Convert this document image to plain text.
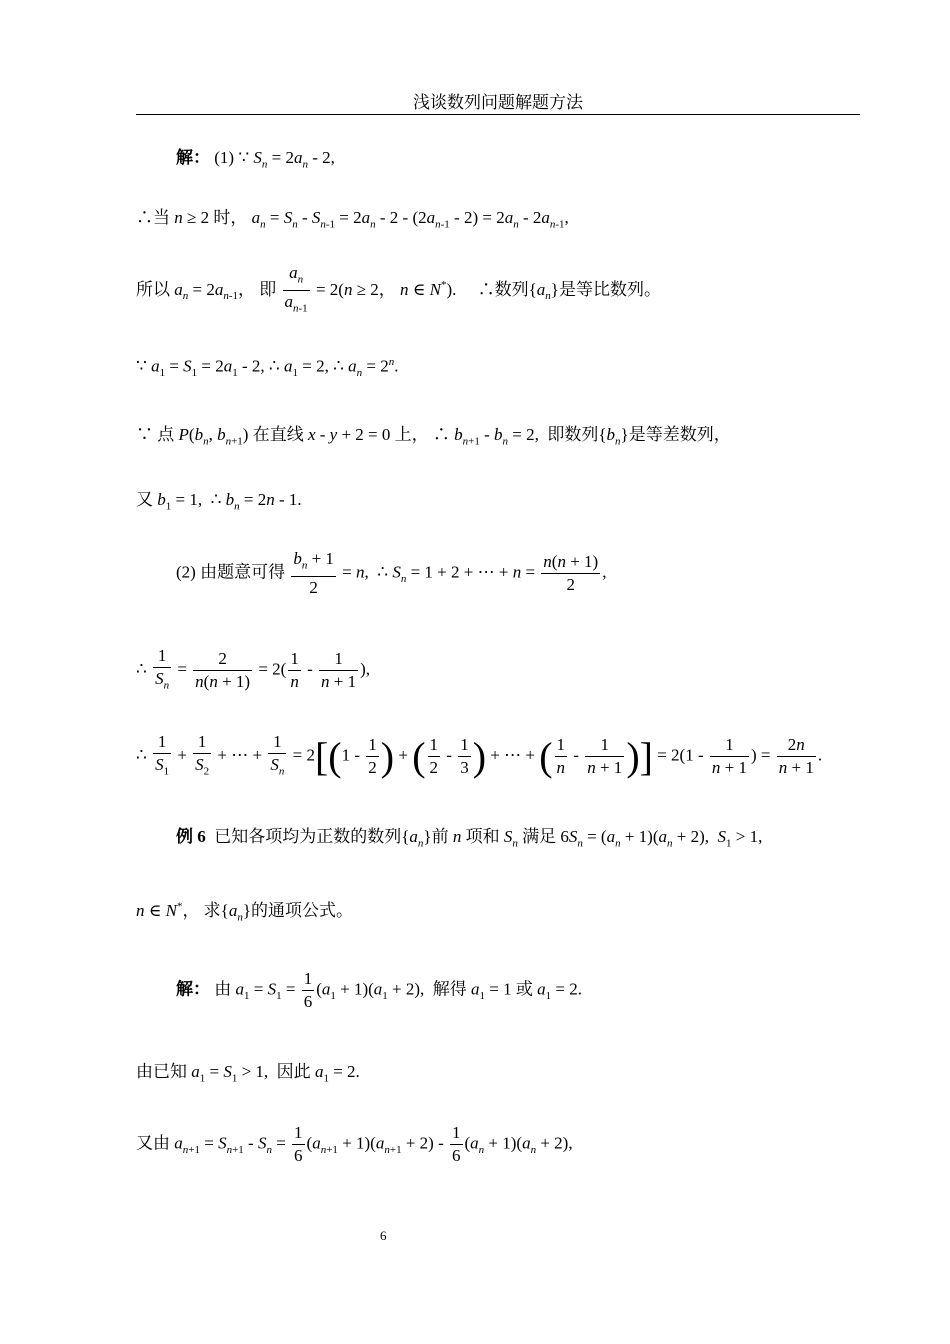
浅谈数列问题解题方法
解： (1) ∵ $S_n = 2a_n - 2$,
∴当 n ≥ 2 时， $a_n = S_n - S_{n-1} = 2a_n - 2 - (2a_{n-1} - 2) = 2a_n - 2a_{n-1}$,
所以 $a_n = 2a_{n-1}$， 即 $\frac{a_n}{a_{n-1}} = 2(n \ge 2$， n ∈ N*).     ∴数列$\{a_n\}$是等比数列。
∵ $a_1 = S_1 = 2a_1 - 2$, ∴ $a_1 = 2$, ∴ $a_n = 2^n$.
∵ 点 $P(b_n$, $b_{n+1}$) 在直线 x - y + 2 = 0 上， ∴ $b_{n+1} - b_n = 2$,  即数列$\{b_n\}$是等差数列，
又 $b_1 = 1$,  ∴ $b_n = 2n - 1$.
(2) 由题意可得 $\frac{b_n + 1}{2} = n$,  ∴ $S_n = 1 + 2$ + ⋯ + $n = \frac{n(n + 1)}{2}$ ,
∴ $\frac{1}{S_n} = \frac{2}{n(n + 1)} = 2( \frac{1}{n} - \frac{1}{n + 1}$ ),
∴ $\frac{1}{S_1} + \frac{1}{S_2}$ + ⋯ + $\frac{1}{S_n} = 2[(1 - \frac{1}{2}$ ) + ( $\frac{1}{2} - \frac{1}{3}$ ) + ⋯ + ( $\frac{1}{n} - \frac{1}{n + 1}$ )] = $2(1 - \frac{1}{n + 1}$ ) = $\frac{2n}{n + 1}$ .
例 6  已知各项均为正数的数列$\{a_n\}$前 n 项和 $S_n$ 满足 $6S_n = (a_n + 1)(a_n + 2)$,  $S_1 > 1$,
n ∈ N*， 求$\{a_n\}$的通项公式。
解： 由 $a_1 = S_1 = \frac{1}{6} (a_1 + 1)(a_1 + 2)$,  解得 $a_1 = 1$ 或 $a_1 = 2$.
由已知 $a_1 = S_1 > 1$,  因此 $a_1 = 2$.
又由 $a_{n+1} = S_{n+1} - S_n = \frac{1}{6} (a_{n+1} + 1)(a_{n+1} + 2) - \frac{1}{6} (a_n + 1)(a_n + 2)$,
6
